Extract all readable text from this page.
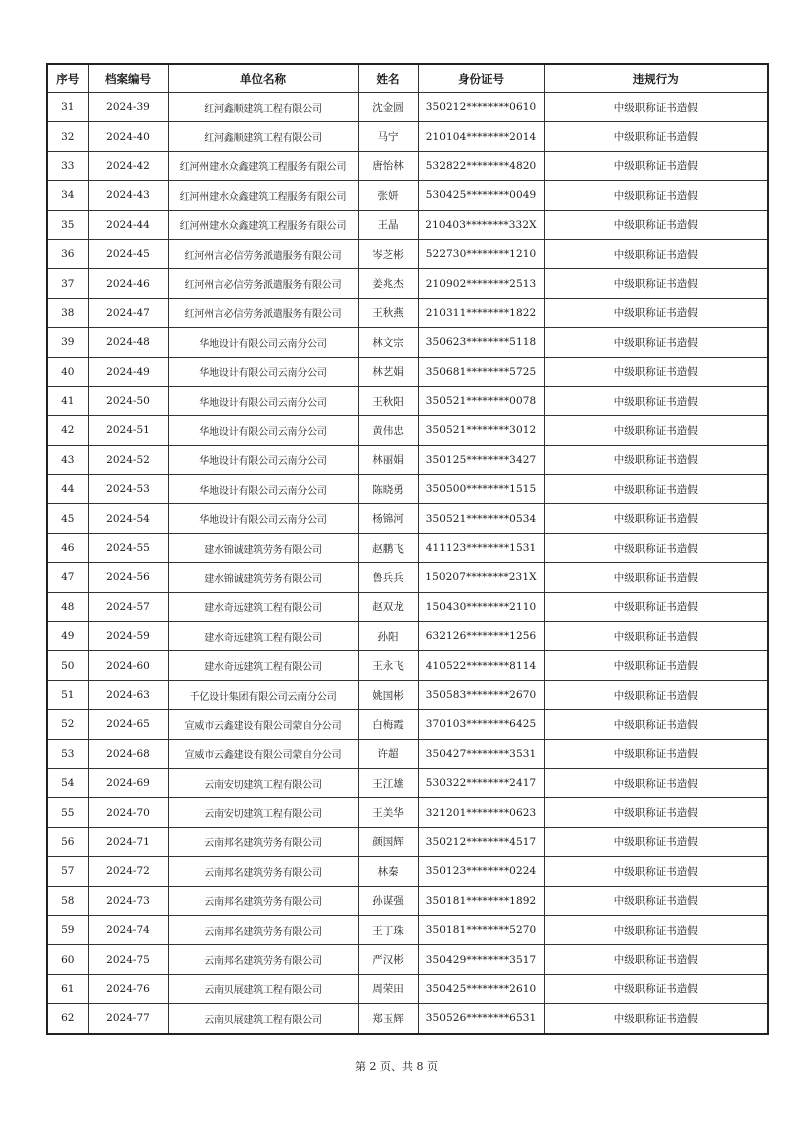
序号	档案编号	单位名称	姓名	身份证号	违规行为
31	2024-39	红河鑫顺建筑工程有限公司	沈金圆	350212********0610	中级职称证书造假
32	2024-40	红河鑫顺建筑工程有限公司	马宁	210104********2014	中级职称证书造假
33	2024-42	红河州建水众鑫建筑工程服务有限公司	唐怡林	532822********4820	中级职称证书造假
34	2024-43	红河州建水众鑫建筑工程服务有限公司	张妍	530425********0049	中级职称证书造假
35	2024-44	红河州建水众鑫建筑工程服务有限公司	王晶	210403********332X	中级职称证书造假
36	2024-45	红河州言必信劳务派遣服务有限公司	岑芝彬	522730********1210	中级职称证书造假
37	2024-46	红河州言必信劳务派遣服务有限公司	姜兆杰	210902********2513	中级职称证书造假
38	2024-47	红河州言必信劳务派遣服务有限公司	王秋燕	210311********1822	中级职称证书造假
39	2024-48	华地设计有限公司云南分公司	林文宗	350623********5118	中级职称证书造假
40	2024-49	华地设计有限公司云南分公司	林艺娟	350681********5725	中级职称证书造假
41	2024-50	华地设计有限公司云南分公司	王秋阳	350521********0078	中级职称证书造假
42	2024-51	华地设计有限公司云南分公司	黄伟忠	350521********3012	中级职称证书造假
43	2024-52	华地设计有限公司云南分公司	林丽娟	350125********3427	中级职称证书造假
44	2024-53	华地设计有限公司云南分公司	陈晓勇	350500********1515	中级职称证书造假
45	2024-54	华地设计有限公司云南分公司	杨锦河	350521********0534	中级职称证书造假
46	2024-55	建水锦诚建筑劳务有限公司	赵鹏飞	411123********1531	中级职称证书造假
47	2024-56	建水锦诚建筑劳务有限公司	鲁兵兵	150207********231X	中级职称证书造假
48	2024-57	建水奇远建筑工程有限公司	赵双龙	150430********2110	中级职称证书造假
49	2024-59	建水奇远建筑工程有限公司	孙阳	632126********1256	中级职称证书造假
50	2024-60	建水奇远建筑工程有限公司	王永飞	410522********8114	中级职称证书造假
51	2024-63	千亿设计集团有限公司云南分公司	姚国彬	350583********2670	中级职称证书造假
52	2024-65	宣威市云鑫建设有限公司蒙自分公司	白梅霞	370103********6425	中级职称证书造假
53	2024-68	宣威市云鑫建设有限公司蒙自分公司	许超	350427********3531	中级职称证书造假
54	2024-69	云南安切建筑工程有限公司	王江雄	530322********2417	中级职称证书造假
55	2024-70	云南安切建筑工程有限公司	王美华	321201********0623	中级职称证书造假
56	2024-71	云南邦名建筑劳务有限公司	颜国辉	350212********4517	中级职称证书造假
57	2024-72	云南邦名建筑劳务有限公司	林秦	350123********0224	中级职称证书造假
58	2024-73	云南邦名建筑劳务有限公司	孙谋强	350181********1892	中级职称证书造假
59	2024-74	云南邦名建筑劳务有限公司	王丁珠	350181********5270	中级职称证书造假
60	2024-75	云南邦名建筑劳务有限公司	严汉彬	350429********3517	中级职称证书造假
61	2024-76	云南贝展建筑工程有限公司	周荣田	350425********2610	中级职称证书造假
62	2024-77	云南贝展建筑工程有限公司	郑玉辉	350526********6531	中级职称证书造假
第 2 页、共 8 页
